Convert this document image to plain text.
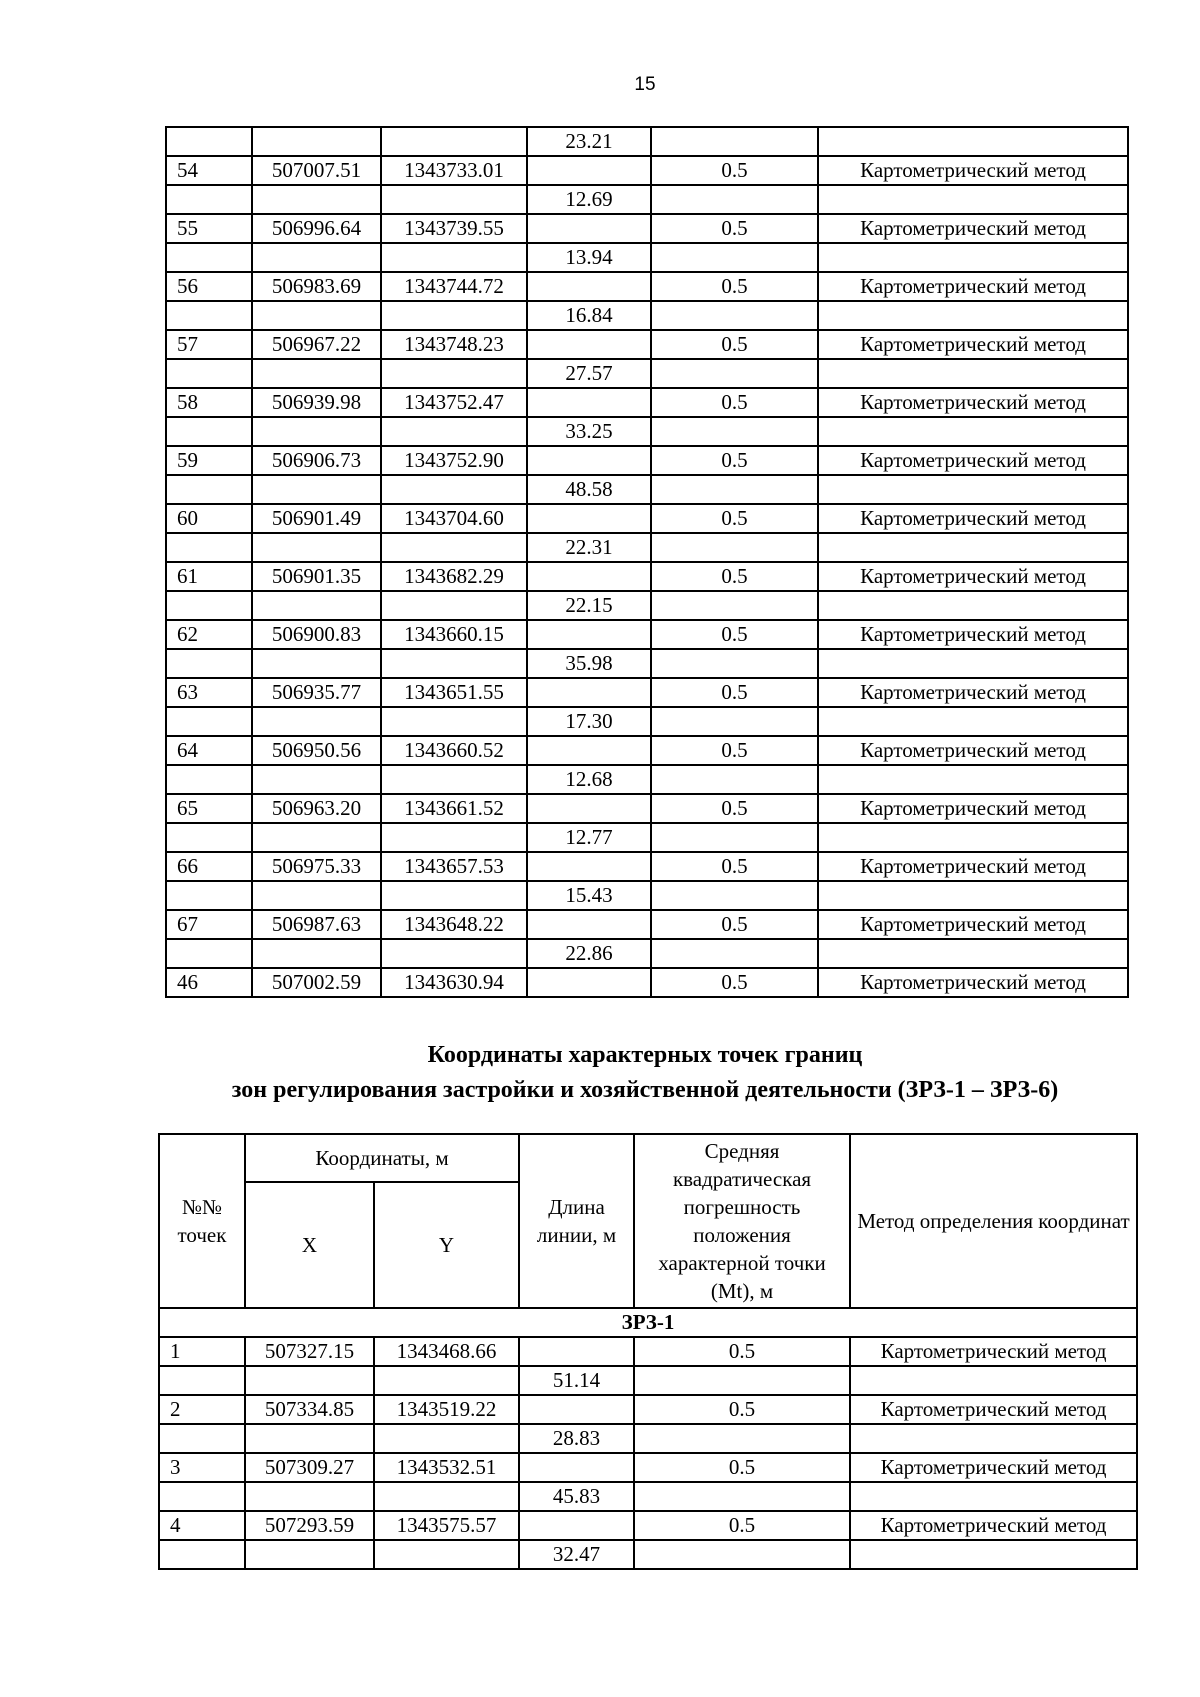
15
			23.21		
54	507007.51	1343733.01		0.5	Картометрический метод
			12.69		
55	506996.64	1343739.55		0.5	Картометрический метод
			13.94		
56	506983.69	1343744.72		0.5	Картометрический метод
			16.84		
57	506967.22	1343748.23		0.5	Картометрический метод
			27.57		
58	506939.98	1343752.47		0.5	Картометрический метод
			33.25		
59	506906.73	1343752.90		0.5	Картометрический метод
			48.58		
60	506901.49	1343704.60		0.5	Картометрический метод
			22.31		
61	506901.35	1343682.29		0.5	Картометрический метод
			22.15		
62	506900.83	1343660.15		0.5	Картометрический метод
			35.98		
63	506935.77	1343651.55		0.5	Картометрический метод
			17.30		
64	506950.56	1343660.52		0.5	Картометрический метод
			12.68		
65	506963.20	1343661.52		0.5	Картометрический метод
			12.77		
66	506975.33	1343657.53		0.5	Картометрический метод
			15.43		
67	506987.63	1343648.22		0.5	Картометрический метод
			22.86		
46	507002.59	1343630.94		0.5	Картометрический метод
Координаты характерных точек границ
зон регулирования застройки и хозяйственной деятельности (ЗРЗ-1 – ЗРЗ-6)
№№ точек	Координаты, м		Длина линии, м	Средняя квадратическая погрешность положения характерной точки (Mt), м	Метод определения координат
	X	Y			
ЗРЗ-1					
1	507327.15	1343468.66		0.5	Картометрический метод
			51.14		
2	507334.85	1343519.22		0.5	Картометрический метод
			28.83		
3	507309.27	1343532.51		0.5	Картометрический метод
			45.83		
4	507293.59	1343575.57		0.5	Картометрический метод
			32.47		
